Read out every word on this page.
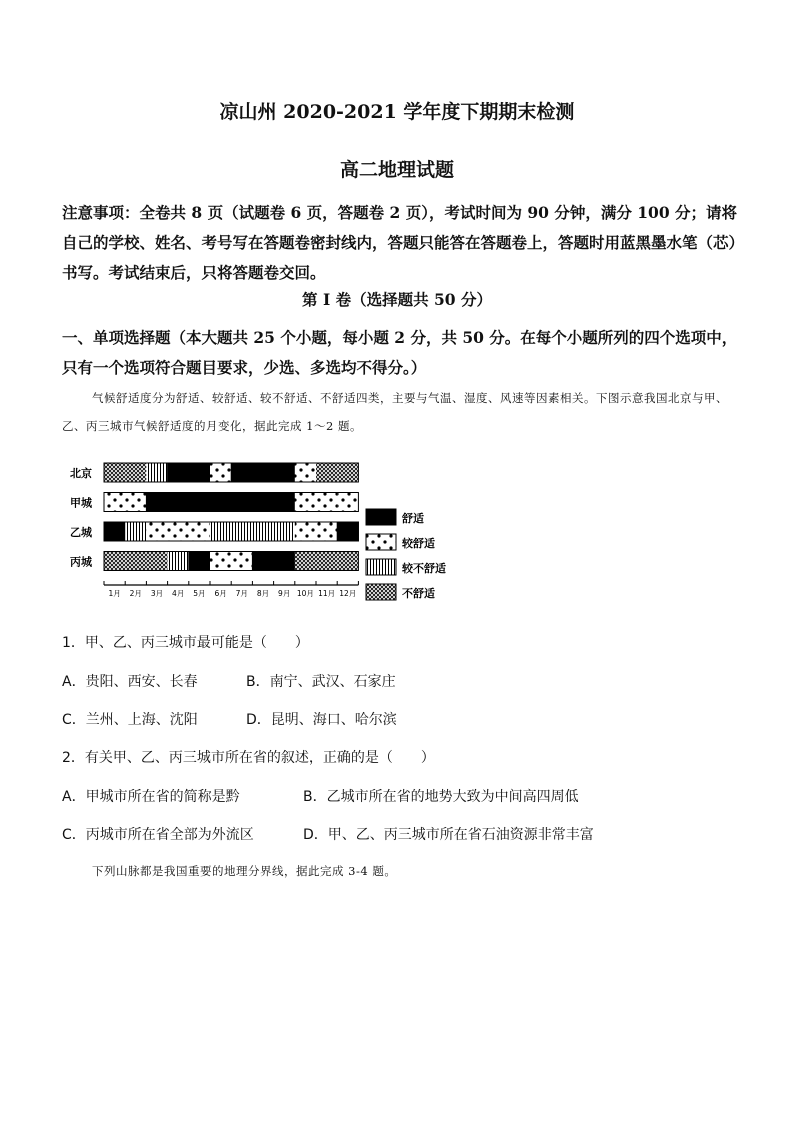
凉山州 2020-2021 学年度下期期末检测
高二地理试题
注意事项：全卷共 8 页（试题卷 6 页，答题卷 2 页），考试时间为 90 分钟，满分 100 分；请将自己的学校、姓名、考号写在答题卷密封线内，答题只能答在答题卷上，答题时用蓝黑墨水笔（芯）书写。考试结束后，只将答题卷交回。
第 I 卷（选择题共 50 分）
一、单项选择题（本大题共 25 个小题，每小题 2 分，共 50 分。在每个小题所列的四个选项中，只有一个选项符合题目要求，少选、多选均不得分。）
气候舒适度分为舒适、较舒适、较不舒适、不舒适四类，主要与气温、湿度、风速等因素相关。下图示意我国北京与甲、乙、丙三城市气候舒适度的月变化，据此完成 1～2 题。
北京
甲城
乙城
丙城
1月 2月 3月 4月 5月 6月 7月 8月 9月 10月 11月 12月
舒适
较舒适
较不舒适
不舒适
1．甲、乙、丙三城市最可能是（　　）
A．贵阳、西安、长春	B．南宁、武汉、石家庄
C．兰州、上海、沈阳	D．昆明、海口、哈尔滨
2．有关甲、乙、丙三城市所在省的叙述，正确的是（　　）
A．甲城市所在省的简称是黔	B．乙城市所在省的地势大致为中间高四周低
C．丙城市所在省全部为外流区	D．甲、乙、丙三城市所在省石油资源非常丰富
下列山脉都是我国重要的地理分界线，据此完成 3-4 题。
